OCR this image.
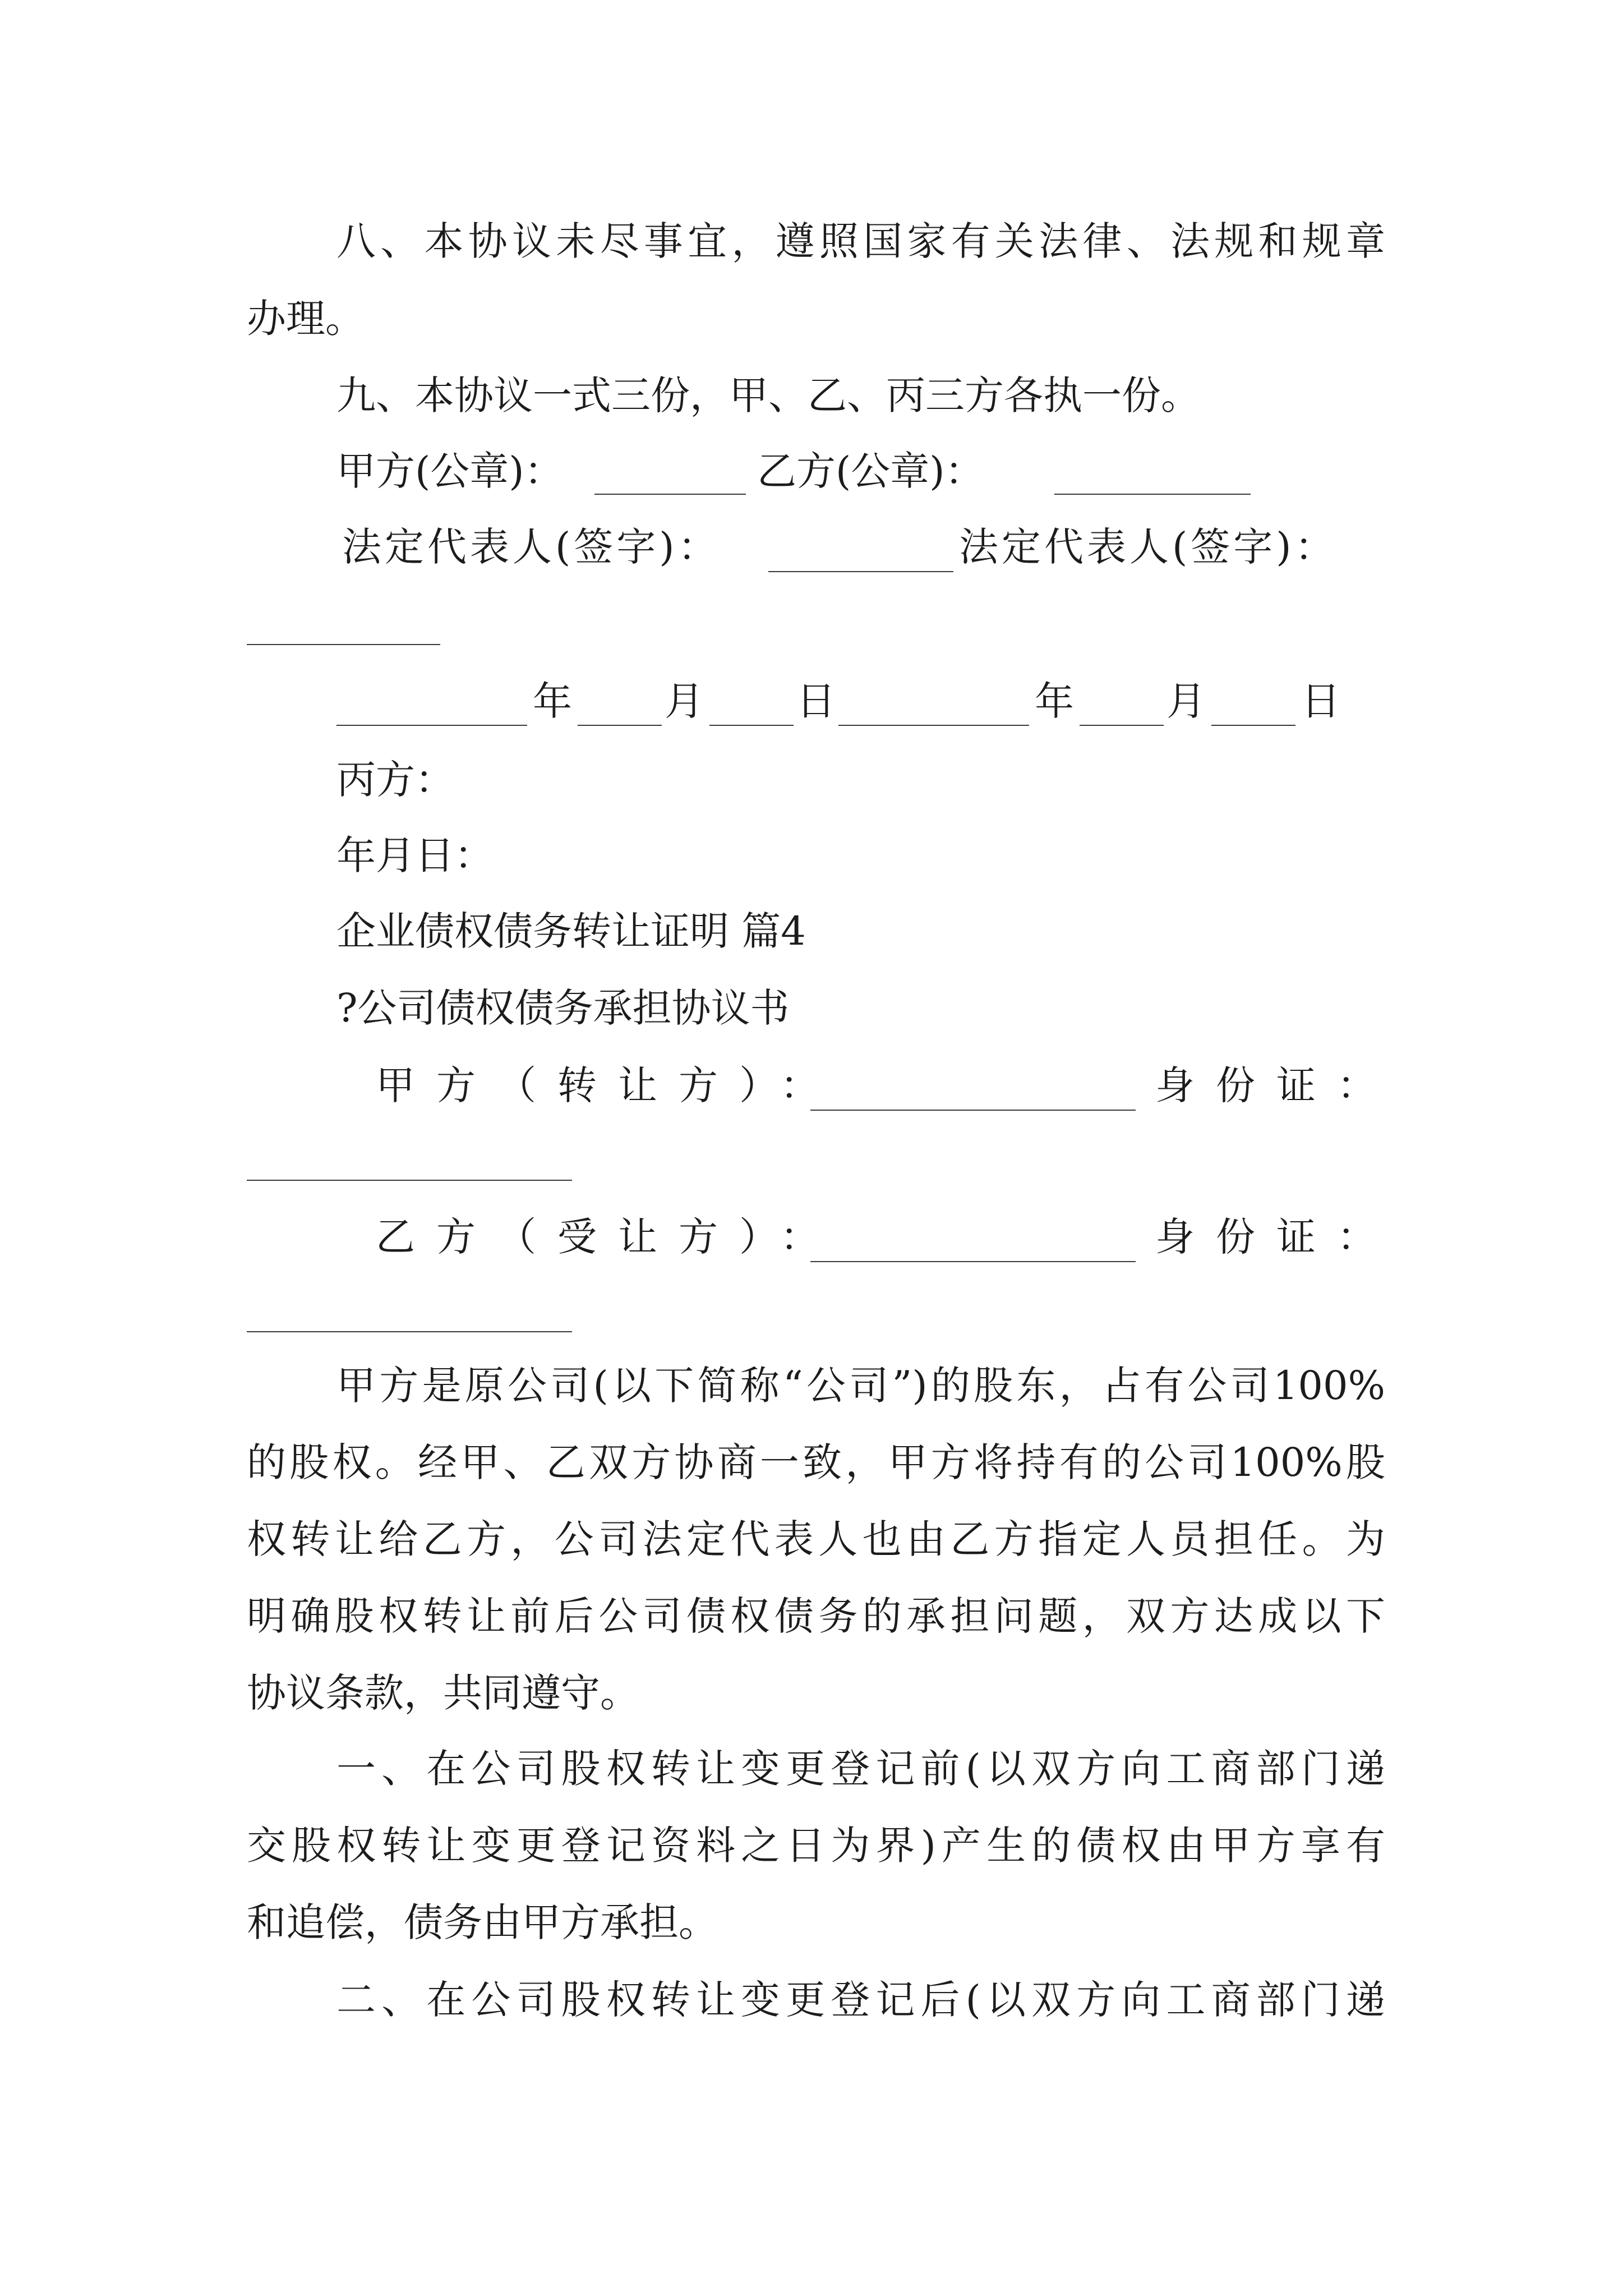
八、本协议未尽事宜，遵照国家有关法律、法规和规章
办理。
九、本协议一式三份，甲、乙、丙三方各执一份。
甲方(公章)：	乙方(公章)：
法定代表人(签字)：	法定代表人(签字)：
年 月 日	年 月 日
丙方：
年月日：
企业债权债务转让证明 篇4
?公司债权债务承担协议书
甲方（转让方）：	身份证：
乙方（受让方）：	身份证：
甲方是原公司(以下简称“公司”)的股东，占有公司100%
的股权。经甲、乙双方协商一致，甲方将持有的公司100%股
权转让给乙方，公司法定代表人也由乙方指定人员担任。为
明确股权转让前后公司债权债务的承担问题，双方达成以下
协议条款，共同遵守。
一、在公司股权转让变更登记前(以双方向工商部门递
交股权转让变更登记资料之日为界)产生的债权由甲方享有
和追偿，债务由甲方承担。
二、在公司股权转让变更登记后(以双方向工商部门递
